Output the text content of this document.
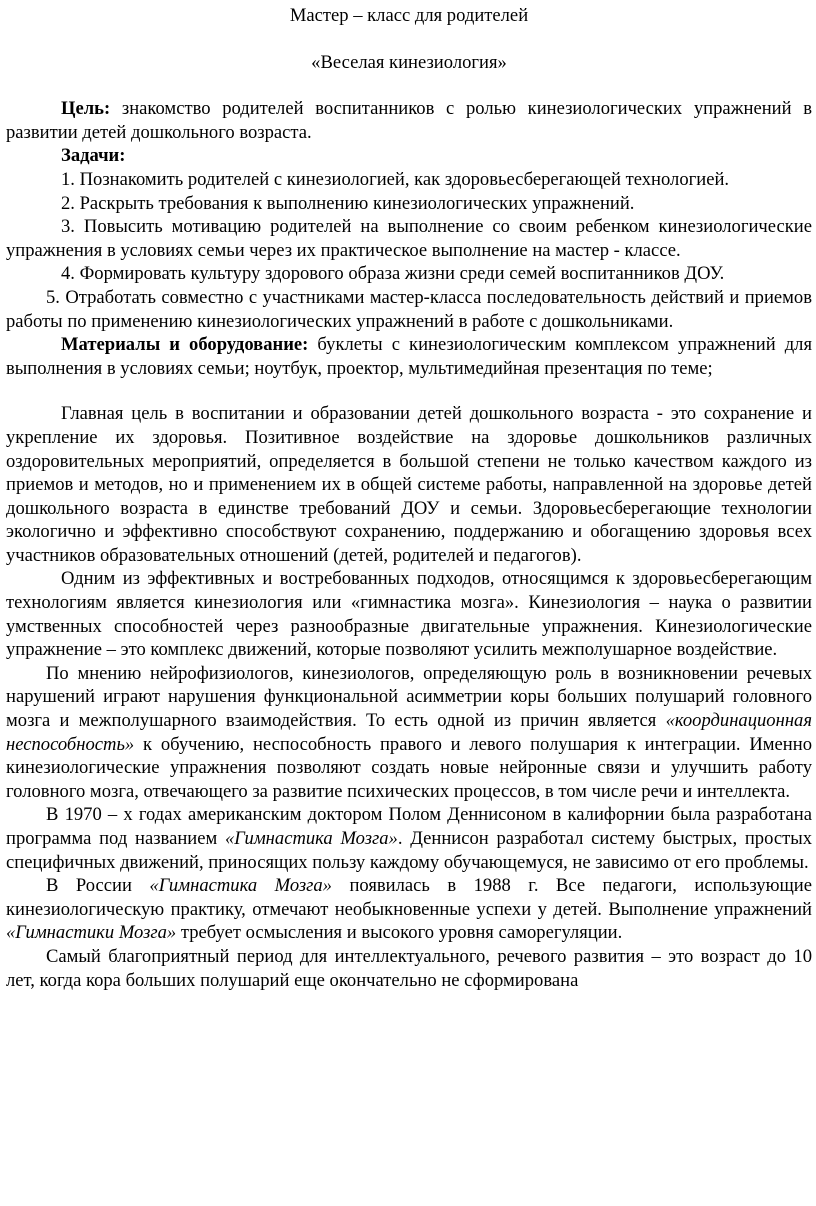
Мастер – класс для родителей
«Веселая кинезиология»

Цель: знакомство родителей воспитанников с ролью кинезиологических упражнений в развитии детей дошкольного возраста.

Задачи:

1. Познакомить родителей с кинезиологией, как здоровьесберегающей технологией.

2. Раскрыть требования к выполнению кинезиологических упражнений.

3. Повысить мотивацию родителей на выполнение со своим ребенком кинезиологические упражнения в условиях семьи через их практическое выполнение на мастер - классе.

4. Формировать культуру здорового образа жизни среди семей воспитанников ДОУ.

5. Отработать совместно с участниками мастер-класса последовательность действий и приемов работы по применению кинезиологических упражнений в работе с дошкольниками.

Материалы и оборудование: буклеты с кинезиологическим комплексом упражнений для выполнения в условиях семьи; ноутбук, проектор, мультимедийная презентация по теме;

Главная цель в воспитании и образовании детей дошкольного возраста - это сохранение и укрепление их здоровья. Позитивное воздействие на здоровье дошкольников различных оздоровительных мероприятий, определяется в большой степени не только качеством каждого из приемов и методов, но и применением их в общей системе работы, направленной на здоровье детей дошкольного возраста в единстве требований ДОУ и семьи. Здоровьесберегающие технологии экологично и эффективно способствуют сохранению, поддержанию и обогащению здоровья всех участников образовательных отношений (детей, родителей и педагогов).

Одним из эффективных и востребованных подходов, относящимся к здоровьесберегающим технологиям является кинезиология или «гимнастика мозга». Кинезиология – наука о развитии умственных способностей через разнообразные двигательные упражнения. Кинезиологические упражнение – это комплекс движений, которые позволяют усилить межполушарное воздействие.

По мнению нейрофизиологов, кинезиологов, определяющую роль в возникновении речевых нарушений играют нарушения функциональной асимметрии коры больших полушарий головного мозга и межполушарного взаимодействия. То есть одной из причин является «координационная неспособность» к обучению, неспособность правого и левого полушария к интеграции. Именно кинезиологические упражнения позволяют создать новые нейронные связи и улучшить работу головного мозга, отвечающего за развитие психических процессов, в том числе речи и интеллекта.

В 1970 – х годах американским доктором Полом Деннисоном в калифорнии была разработана программа под названием «Гимнастика Мозга». Деннисон разработал систему быстрых, простых специфичных движений, приносящих пользу каждому обучающемуся, не зависимо от его проблемы.

В России «Гимнастика Мозга» появилась в 1988 г. Все педагоги, использующие кинезиологическую практику, отмечают необыкновенные успехи у детей. Выполнение упражнений «Гимнастики Мозга» требует осмысления и высокого уровня саморегуляции.

Самый благоприятный период для интеллектуального, речевого развития – это возраст до 10 лет, когда кора больших полушарий еще окончательно не сформирована
